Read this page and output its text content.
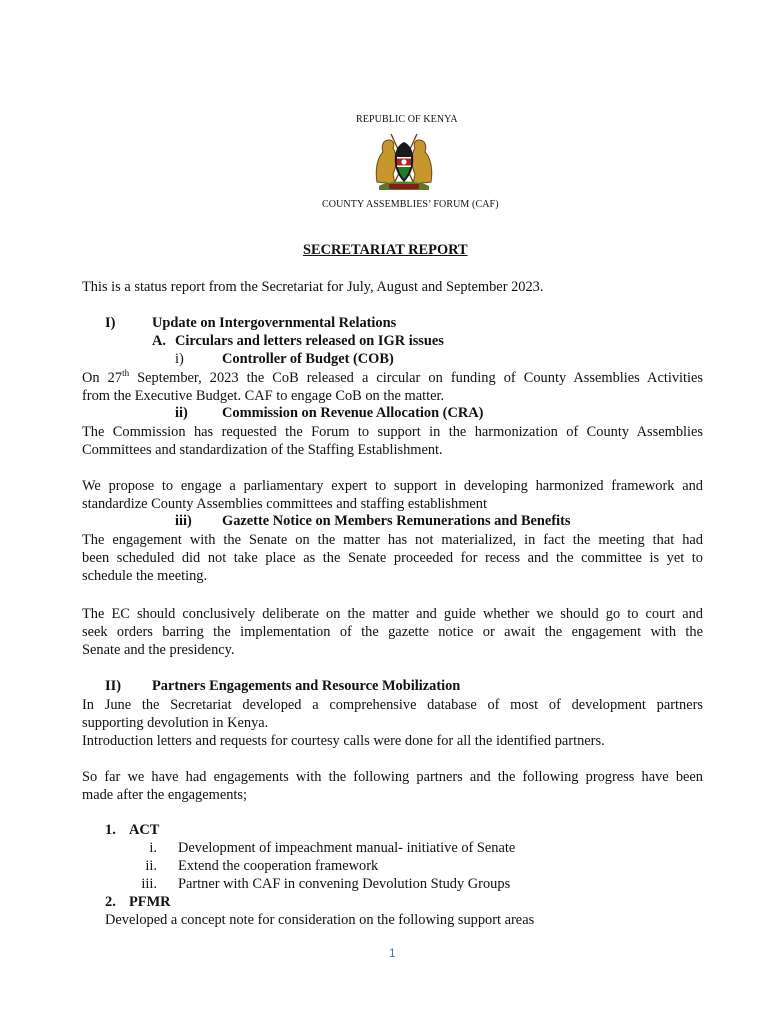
REPUBLIC OF KENYA
COUNTY ASSEMBLIES’ FORUM (CAF)
SECRETARIAT REPORT
This is a status report from the Secretariat for July, August and September 2023.
I)	Update on Intergovernmental Relations
A. Circulars and letters released on IGR issues
i)	Controller of Budget (COB)
On 27th September, 2023 the CoB released a circular on funding of County Assemblies Activities
from the Executive Budget. CAF to engage CoB on the matter.
ii) Commission on Revenue Allocation (CRA)
The Commission has requested the Forum to support in the harmonization of County Assemblies
Committees and standardization of the Staffing Establishment.
We propose to engage a parliamentary expert to support in developing harmonized framework and
standardize County Assemblies committees and staffing establishment
iii) Gazette Notice on Members Remunerations and Benefits
The engagement with the Senate on the matter has not materialized, in fact the meeting that had
been scheduled did not take place as the Senate proceeded for recess and the committee is yet to
schedule the meeting.
The EC should conclusively deliberate on the matter and guide whether we should go to court and
seek orders barring the implementation of the gazette notice or await the engagement with the
Senate and the presidency.
II) Partners Engagements and Resource Mobilization
In June the Secretariat developed a comprehensive database of most of development partners
supporting devolution in Kenya.
Introduction letters and requests for courtesy calls were done for all the identified partners.
So far we have had engagements with the following partners and the following progress have been
made after the engagements;
1. ACT
i. Development of impeachment manual- initiative of Senate
ii. Extend the cooperation framework
iii. Partner with CAF in convening Devolution Study Groups
2. PFMR
Developed a concept note for consideration on the following support areas
1
